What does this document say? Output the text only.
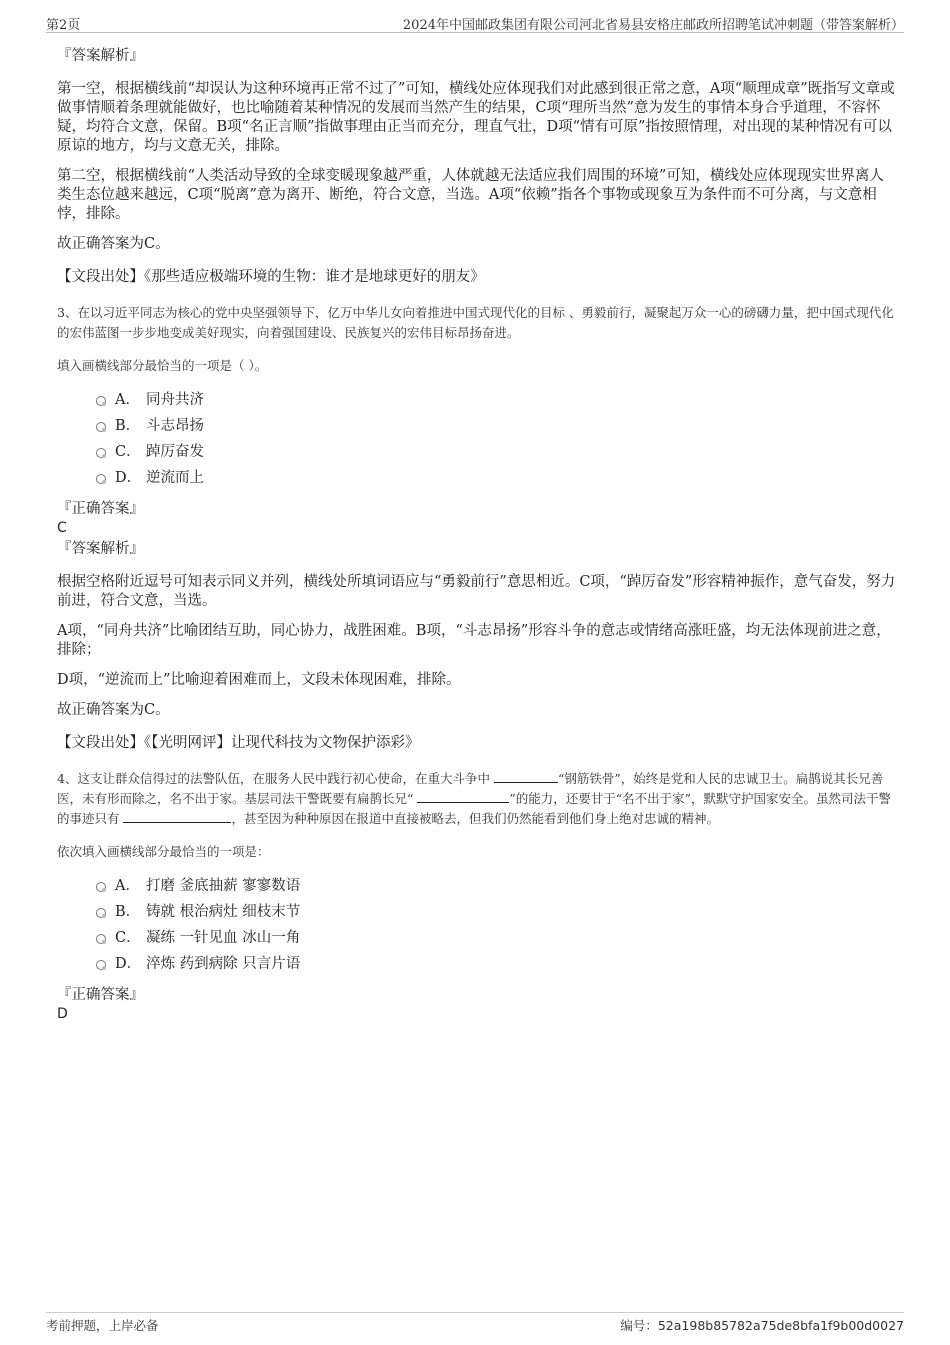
第2页	2024年中国邮政集团有限公司河北省易县安格庄邮政所招聘笔试冲刺题（带答案解析）

『答案解析』

第一空，根据横线前“却误认为这种环境再正常不过了”可知，横线处应体现我们对此感到很正常之意，A项“顺理成章”既指写文章或做事情顺着条理就能做好，也比喻随着某种情况的发展而当然产生的结果，C项“理所当然”意为发生的事情本身合乎道理，不容怀疑，均符合文意，保留。B项“名正言顺”指做事理由正当而充分，理直气壮，D项“情有可原”指按照情理，对出现的某种情况有可以原谅的地方，均与文意无关，排除。

第二空，根据横线前“人类活动导致的全球变暖现象越严重，人体就越无法适应我们周围的环境”可知，横线处应体现现实世界离人类生态位越来越远，C项“脱离”意为离开、断绝，符合文意，当选。A项“依赖”指各个事物或现象互为条件而不可分离，与文意相悖，排除。

故正确答案为C。

【文段出处】《那些适应极端环境的生物：谁才是地球更好的朋友》

3、在以习近平同志为核心的党中央坚强领导下，亿万中华儿女向着推进中国式现代化的目标 、勇毅前行，凝聚起万众一心的磅礴力量，把中国式现代化的宏伟蓝图一步步地变成美好现实，向着强国建设、民族复兴的宏伟目标昂扬奋进。

填入画横线部分最恰当的一项是（ ）。

A． 同舟共济
B． 斗志昂扬
C． 踔厉奋发
D． 逆流而上

『正确答案』

C

『答案解析』

根据空格附近逗号可知表示同义并列，横线处所填词语应与“勇毅前行”意思相近。C项，“踔厉奋发”形容精神振作，意气奋发，努力前进，符合文意，当选。

A项，“同舟共济”比喻团结互助，同心协力，战胜困难。B项，“斗志昂扬”形容斗争的意志或情绪高涨旺盛，均无法体现前进之意，排除；

D项，“逆流而上”比喻迎着困难而上，文段未体现困难，排除。

故正确答案为C。

【文段出处】《【光明网评】让现代科技为文物保护添彩》

4、这支让群众信得过的法警队伍，在服务人民中践行初心使命，在重大斗争中	“钢筋铁骨”，始终是党和人民的忠诚卫士。扁鹊说其长兄善医，未有形而除之，名不出于家。基层司法干警既要有扁鹊长兄“	”的能力，还要甘于“名不出于家”，默默守护国家安全。虽然司法干警的事迹只有	，甚至因为种种原因在报道中直接被略去，但我们仍然能看到他们身上绝对忠诚的精神。

依次填入画横线部分最恰当的一项是：

A． 打磨 釜底抽薪 寥寥数语
B． 铸就 根治病灶 细枝末节
C． 凝练 一针见血 冰山一角
D． 淬炼 药到病除 只言片语

『正确答案』

D

考前押题，上岸必备	编号：52a198b85782a75de8bfa1f9b00d0027
